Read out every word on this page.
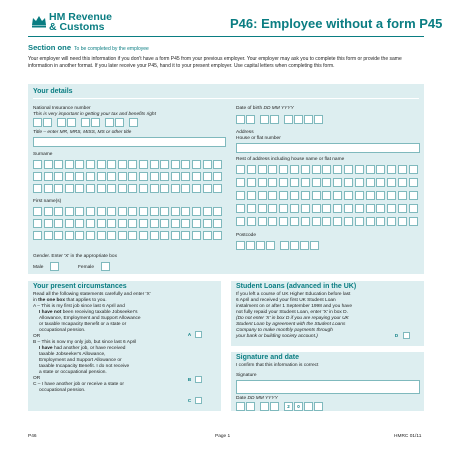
HM Revenue
& Customs	P46: Employee without a form P45
Section one To be completed by the employee
Your employer will need this information if you don't have a form P45 from your previous employer. Your employer may ask you to complete this form or provide the same information in another format. If you later receive your P45, hand it to your present employer. Use capital letters when completing this form.
Your details
National Insurance number
This is very important in getting your tax and benefits right
Title – enter MR, MRS, MISS, MS or other title
Surname
First name(s)
Gender. Enter 'X' in the appropriate box
Male	Female
Date of birth DD MM YYYY
Address
House or flat number
Rest of address including house name or flat name
Postcode
Your present circumstances
Read all the following statements carefully and enter 'X'
in the one box that applies to you.
A – This is my first job since last 6 April and
I have not been receiving taxable Jobseeker's
Allowance, Employment and Support Allowance
or taxable Incapacity Benefit or a state or
occupational pension.
OR
B – This is now my only job, but since last 6 April
I have had another job, or have received
taxable Jobseeker's Allowance,
Employment and Support Allowance or
taxable Incapacity Benefit. I do not receive
a state or occupational pension.
OR
C – I have another job or receive a state or
occupational pension.
A
B
C
Student Loans (advanced in the UK)
If you left a course of UK Higher Education before last
6 April and received your first UK Student Loan
instalment on or after 1 September 1998 and you have
not fully repaid your Student Loan, enter 'X' in box D.
(Do not enter 'X' in box D if you are repaying your UK
Student Loan by agreement with the Student Loans
Company to make monthly payments through
your bank or building society account.)	D
Signature and date
I confirm that this information is correct
Signature
Date DD MM YYYY
2	0
P46	Page 1	HMRC 01/11
